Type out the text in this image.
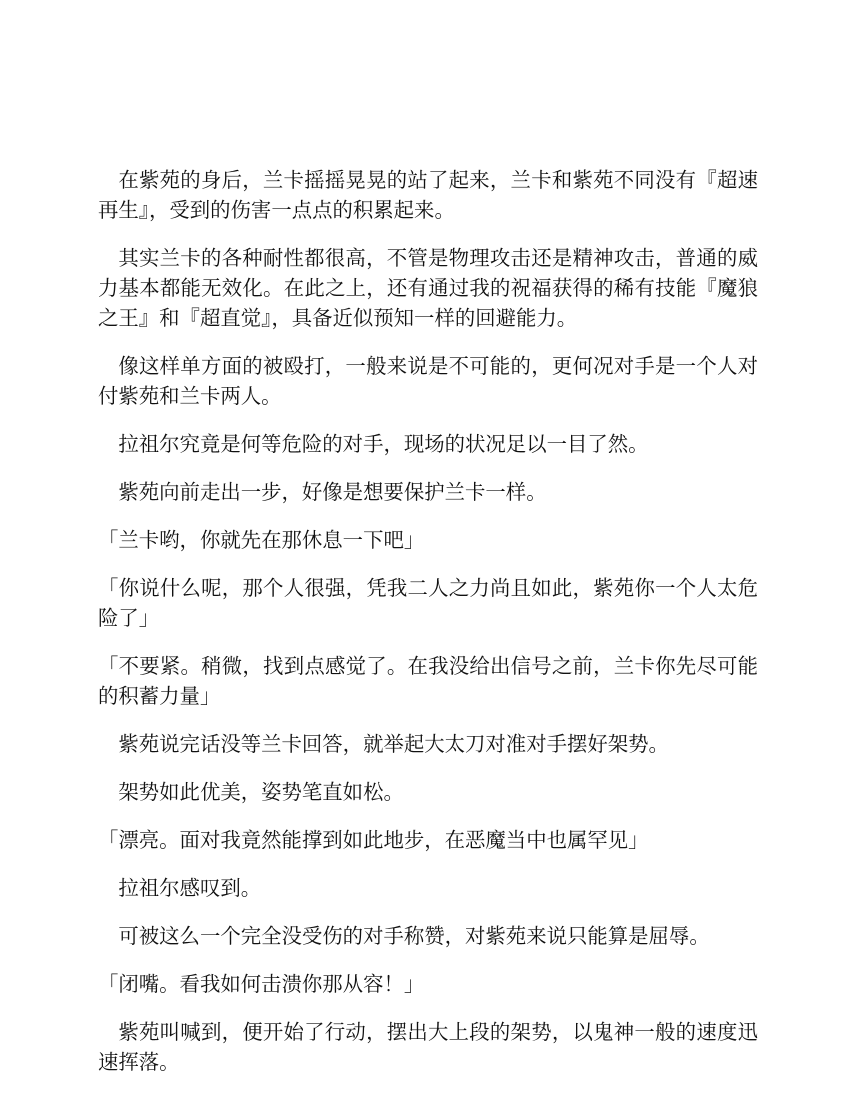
在紫苑的身后，兰卡摇摇晃晃的站了起来，兰卡和紫苑不同没有『超速再生』，受到的伤害一点点的积累起来。

其实兰卡的各种耐性都很高，不管是物理攻击还是精神攻击，普通的威力基本都能无效化。在此之上，还有通过我的祝福获得的稀有技能『魔狼之王』和『超直觉』，具备近似预知一样的回避能力。

像这样单方面的被殴打，一般来说是不可能的，更何况对手是一个人对付紫苑和兰卡两人。

拉祖尔究竟是何等危险的对手，现场的状况足以一目了然。

紫苑向前走出一步，好像是想要保护兰卡一样。

「兰卡哟，你就先在那休息一下吧」

「你说什么呢，那个人很强，凭我二人之力尚且如此，紫苑你一个人太危险了」

「不要紧。稍微，找到点感觉了。在我没给出信号之前，兰卡你先尽可能的积蓄力量」

紫苑说完话没等兰卡回答，就举起大太刀对准对手摆好架势。

架势如此优美，姿势笔直如松。

「漂亮。面对我竟然能撑到如此地步，在恶魔当中也属罕见」

拉祖尔感叹到。

可被这么一个完全没受伤的对手称赞，对紫苑来说只能算是屈辱。

「闭嘴。看我如何击溃你那从容！」

紫苑叫喊到，便开始了行动，摆出大上段的架势，以鬼神一般的速度迅速挥落。
